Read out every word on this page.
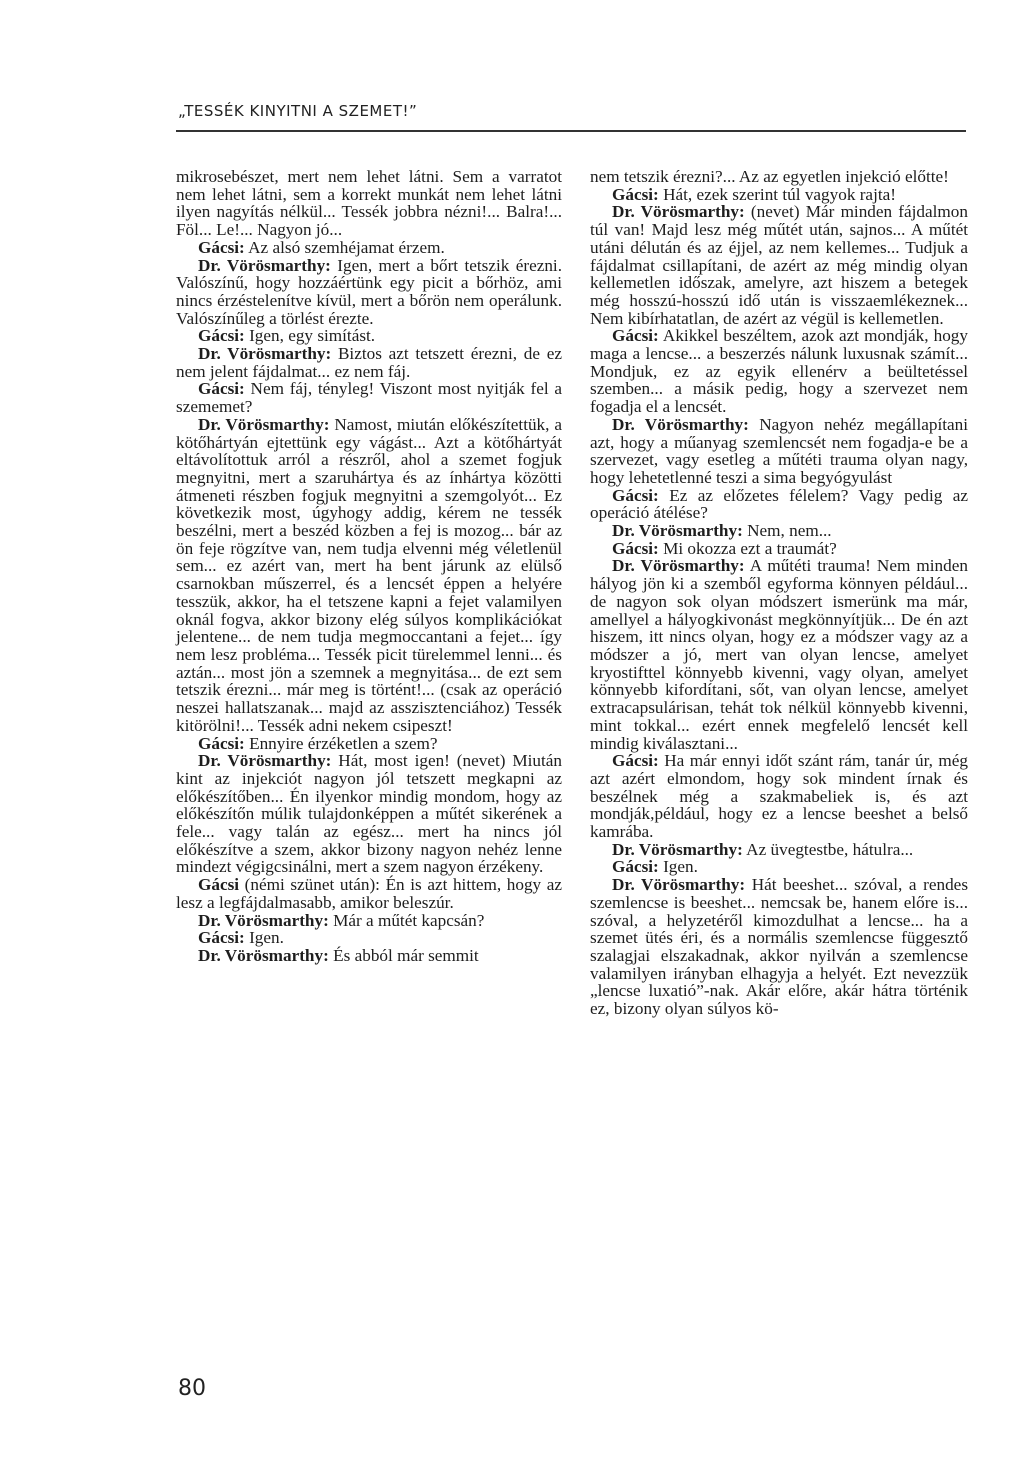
„TESSÉK KINYITNI A SZEMET!”

mikrosebészet, mert nem lehet látni. Sem a varratot nem lehet látni, sem a korrekt munkát nem lehet látni ilyen nagyítás nélkül... Tessék jobbra nézni!... Balra!... Föl... Le!... Nagyon jó...

Gácsi: Az alsó szemhéjamat érzem.

Dr. Vörösmarthy: Igen, mert a bőrt tetszik érezni. Valószínű, hogy hozzáértünk egy picit a bőrhöz, ami nincs érzéstelenítve kívül, mert a bőrön nem operálunk. Valószínűleg a törlést érezte.

Gácsi: Igen, egy simítást.

Dr. Vörösmarthy: Biztos azt tetszett érezni, de ez nem jelent fájdalmat... ez nem fáj.

Gácsi: Nem fáj, tényleg! Viszont most nyitják fel a szememet?

Dr. Vörösmarthy: Namost, miután előkészítettük, a kötőhártyán ejtettünk egy vágást... Azt a kötőhártyát eltávolítottuk arról a részről, ahol a szemet fogjuk megnyitni, mert a szaruhártya és az ínhártya közötti átmeneti részben fogjuk megnyitni a szemgolyót... Ez következik most, úgyhogy addig, kérem ne tessék beszélni, mert a beszéd közben a fej is mozog... bár az ön feje rögzítve van, nem tudja elvenni még véletlenül sem... ez azért van, mert ha bent járunk az elülső csarnokban műszerrel, és a lencsét éppen a helyére tesszük, akkor, ha el tetszene kapni a fejet valamilyen oknál fogva, akkor bizony elég súlyos komplikációkat jelentene... de nem tudja megmoccantani a fejet... így nem lesz probléma... Tessék picit türelemmel lenni... és aztán... most jön a szemnek a megnyitása... de ezt sem tetszik érezni... már meg is történt!... (csak az operáció neszei hallatszanak... majd az asszisztenciához) Tessék kitörölni!... Tessék adni nekem csipeszt!

Gácsi: Ennyire érzéketlen a szem?

Dr. Vörösmarthy: Hát, most igen! (nevet) Miután kint az injekciót nagyon jól tetszett megkapni az előkészítőben... Én ilyenkor mindig mondom, hogy az előkészítőn múlik tulajdonképpen a műtét sikerének a fele... vagy talán az egész... mert ha nincs jól előkészítve a szem, akkor bizony nagyon nehéz lenne mindezt végigcsinálni, mert a szem nagyon érzékeny.

Gácsi (némi szünet után): Én is azt hittem, hogy az lesz a legfájdalmasabb, amikor beleszúr.

Dr. Vörösmarthy: Már a műtét kapcsán?

Gácsi: Igen.

Dr. Vörösmarthy: És abból már semmit

nem tetszik érezni?... Az az egyetlen injekció előtte!

Gácsi: Hát, ezek szerint túl vagyok rajta!

Dr. Vörösmarthy: (nevet) Már minden fájdalmon túl van! Majd lesz még műtét után, sajnos... A műtét utáni délután és az éjjel, az nem kellemes... Tudjuk a fájdalmat csillapítani, de azért az még mindig olyan kellemetlen időszak, amelyre, azt hiszem a betegek még hosszú-hosszú idő után is visszaemlékeznek... Nem kibírhatatlan, de azért az végül is kellemetlen.

Gácsi: Akikkel beszéltem, azok azt mondják, hogy maga a lencse... a beszerzés nálunk luxusnak számít... Mondjuk, ez az egyik ellenérv a beültetéssel szemben... a másik pedig, hogy a szervezet nem fogadja el a lencsét.

Dr. Vörösmarthy: Nagyon nehéz megállapítani azt, hogy a műanyag szemlencsét nem fogadja-e be a szervezet, vagy esetleg a műtéti trauma olyan nagy, hogy lehetetlenné teszi a sima begyógyulást

Gácsi: Ez az előzetes félelem? Vagy pedig az operáció átélése?

Dr. Vörösmarthy: Nem, nem...

Gácsi: Mi okozza ezt a traumát?

Dr. Vörösmarthy: A műtéti trauma! Nem minden hályog jön ki a szemből egyforma könnyen például... de nagyon sok olyan módszert ismerünk ma már, amellyel a hályogkivonást megkönnyítjük... De én azt hiszem, itt nincs olyan, hogy ez a módszer vagy az a módszer a jó, mert van olyan lencse, amelyet kryostifttel könnyebb kivenni, vagy olyan, amelyet könnyebb kifordítani, sőt, van olyan lencse, amelyet extracapsulárisan, tehát tok nélkül könnyebb kivenni, mint tokkal... ezért ennek megfelelő lencsét kell mindig kiválasztani...

Gácsi: Ha már ennyi időt szánt rám, tanár úr, még azt azért elmondom, hogy sok mindent írnak és beszélnek még a szakmabeliek is, és azt mondják,például, hogy ez a lencse beeshet a belső kamrába.

Dr. Vörösmarthy: Az üvegtestbe, hátulra...

Gácsi: Igen.

Dr. Vörösmarthy: Hát beeshet... szóval, a rendes szemlencse is beeshet... nemcsak be, hanem előre is... szóval, a helyzetéről kimozdulhat a lencse... ha a szemet ütés éri, és a normális szemlencse függesztő szalagjai elszakadnak, akkor nyilván a szemlencse valamilyen irányban elhagyja a helyét. Ezt nevezzük „lencse luxatió”-nak. Akár előre, akár hátra történik ez, bizony olyan súlyos kö-

80
